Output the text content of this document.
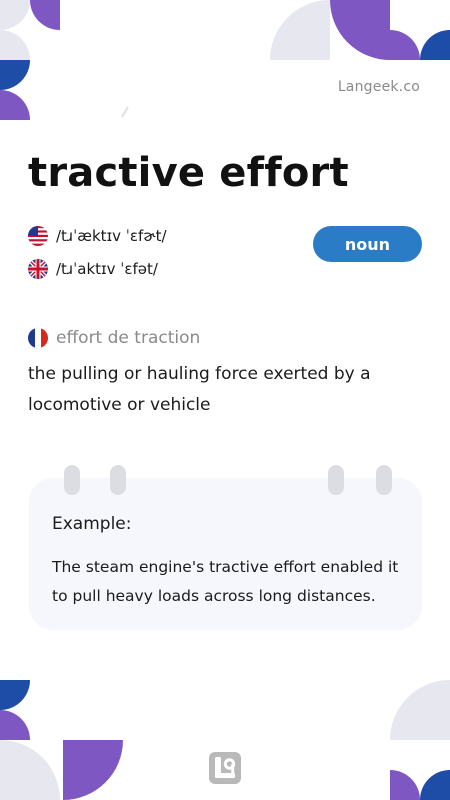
Langeek.co
tractive effort
/tɹˈæktɪv ˈɛfɚt/
/tɹˈaktɪv ˈɛfət/
noun
effort de traction

the pulling or hauling force exerted by a locomotive or vehicle

Example:

The steam engine's tractive effort enabled it to pull heavy loads across long distances.
